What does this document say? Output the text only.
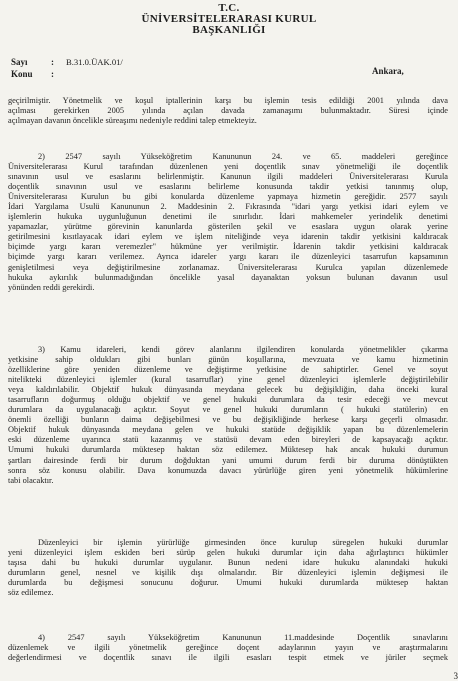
T.C.
ÜNİVERSİTELERARASI KURUL
BAŞKANLIĞI
Sayı	: B.31.0.ÜAK.01/
Konu :	Ankara,
geçirilmiştir. Yönetmelik ve koşul iptallerinin karşı bu işlemin tesis edildiği 2001 yılında dava
açılması gerekirken 2005 yılında açılan davada zamanaşımı bulunmaktadır. Süresi içinde
açılmayan davanın öncelikle süreaşımı nedeniyle reddini talep etmekteyiz.
2) 2547 sayılı Yükseköğretim Kanununun 24. ve 65. maddeleri gereğince
Üniversitelerarası Kurul tarafından düzenlenen yeni doçentlik sınav yönetmeliği ile doçentlik
sınavının usul ve esaslarını belirlenmiştir. Kanunun ilgili maddeleri Üniversitelerarası Kurula
doçentlik sınavının usul ve esaslarını belirleme konusunda takdir yetkisi tanınmış olup,
Üniversitelerarası Kurulun bu gibi konularda düzenleme yapmaya hizmetin gereğidir. 2577 sayılı
İdari Yargılama Usulü Kanununun 2. Maddesinin 2. Fıkrasında "idari yargı yetkisi idari eylem ve
işlemlerin hukuka uygunluğunun denetimi ile sınırlıdır. İdari mahkemeler yerindelik denetimi
yapamazlar, yürütme görevinin kanunlarda gösterilen şekil ve esaslara uygun olarak yerine
getirilmesini kısıtlayacak idari eylem ve işlem niteliğinde veya idarenin takdir yetkisini kaldıracak
biçimde yargı kararı veremezler" hükmüne yer verilmiştir. İdarenin takdir yetkisini kaldıracak
biçimde yargı kararı verilemez. Ayrıca idareler yargı kararı ile düzenleyici tasarrufun kapsamının
genişletilmesi veya değiştirilmesine zorlanamaz. Üniversitelerarası Kurulca yapılan düzenlemede
hukuka aykırılık bulunmadığından öncelikle yasal dayanaktan yoksun bulunan davanın usul
yönünden reddi gerekirdi.
3) Kamu idareleri, kendi görev alanlarını ilgilendiren konularda yönetmelikler çıkarma
yetkisine sahip oldukları gibi bunları günün koşullarına, mevzuata ve kamu hizmetinin
özelliklerine göre yeniden düzenleme ve değiştirme yetkisine de sahiptirler. Genel ve soyut
nitelikteki düzenleyici işlemler (kural tasarruflar) yine genel düzenleyici işlemlerle değiştirilebilir
veya kaldırılabilir. Objektif hukuk dünyasında meydana gelecek bu değişikliğin, daha önceki kural
tasarrufların doğurmuş olduğu objektif ve genel hukuki durumlara da tesir edeceği ve mevcut
durumlara da uygulanacağı açıktır. Soyut ve genel hukuki durumların ( hukuki statülerin) en
önemli özelliği bunların daima değişebilmesi ve bu değişikliğinde herkese karşı geçerli olmasıdır.
Objektif hukuk dünyasında meydana gelen ve hukuki statüde değişiklik yapan bu düzenlemelerin
eski düzenleme uyarınca statü kazanmış ve statüsü devam eden bireyleri de kapsayacağı açıktır.
Umumi hukuki durumlarda müktesep haktan söz edilemez. Müktesep hak ancak hukuki durumun
şartları dairesinde ferdi bir durum doğduktan yani umumi durum ferdi bir duruma dönüştükten
sonra söz konusu olabilir. Dava konumuzda davacı yürürlüğe giren yeni yönetmelik hükümlerine
tabi olacaktır.
Düzenleyici bir işlemin yürürlüğe girmesinden önce kurulup süregelen hukuki durumlar
yeni düzenleyici işlem eskiden beri sürüp gelen hukuki durumlar için daha ağırlaştırıcı hükümler
taşısa dahi bu hukuki durumlar uygulanır. Bunun nedeni idare hukuku alanındaki hukuki
durumların genel, nesnel ve kişilik dışı olmalarıdır. Bir düzenleyici işlemin değişmesi ile
durumlarda bu değişmesi sonucunu doğurur. Umumi hukuki durumlarda müktesep haktan
söz edilemez.
4) 2547 sayılı Yükseköğretim Kanununun 11.maddesinde Doçentlik sınavlarını
düzenlemek ve ilgili yönetmelik gereğince doçent adaylarının yayın ve araştırmalarını
değerlendirmesi ve doçentlik sınavı ile ilgili esasları tespit etmek ve jüriler seçmek
3
